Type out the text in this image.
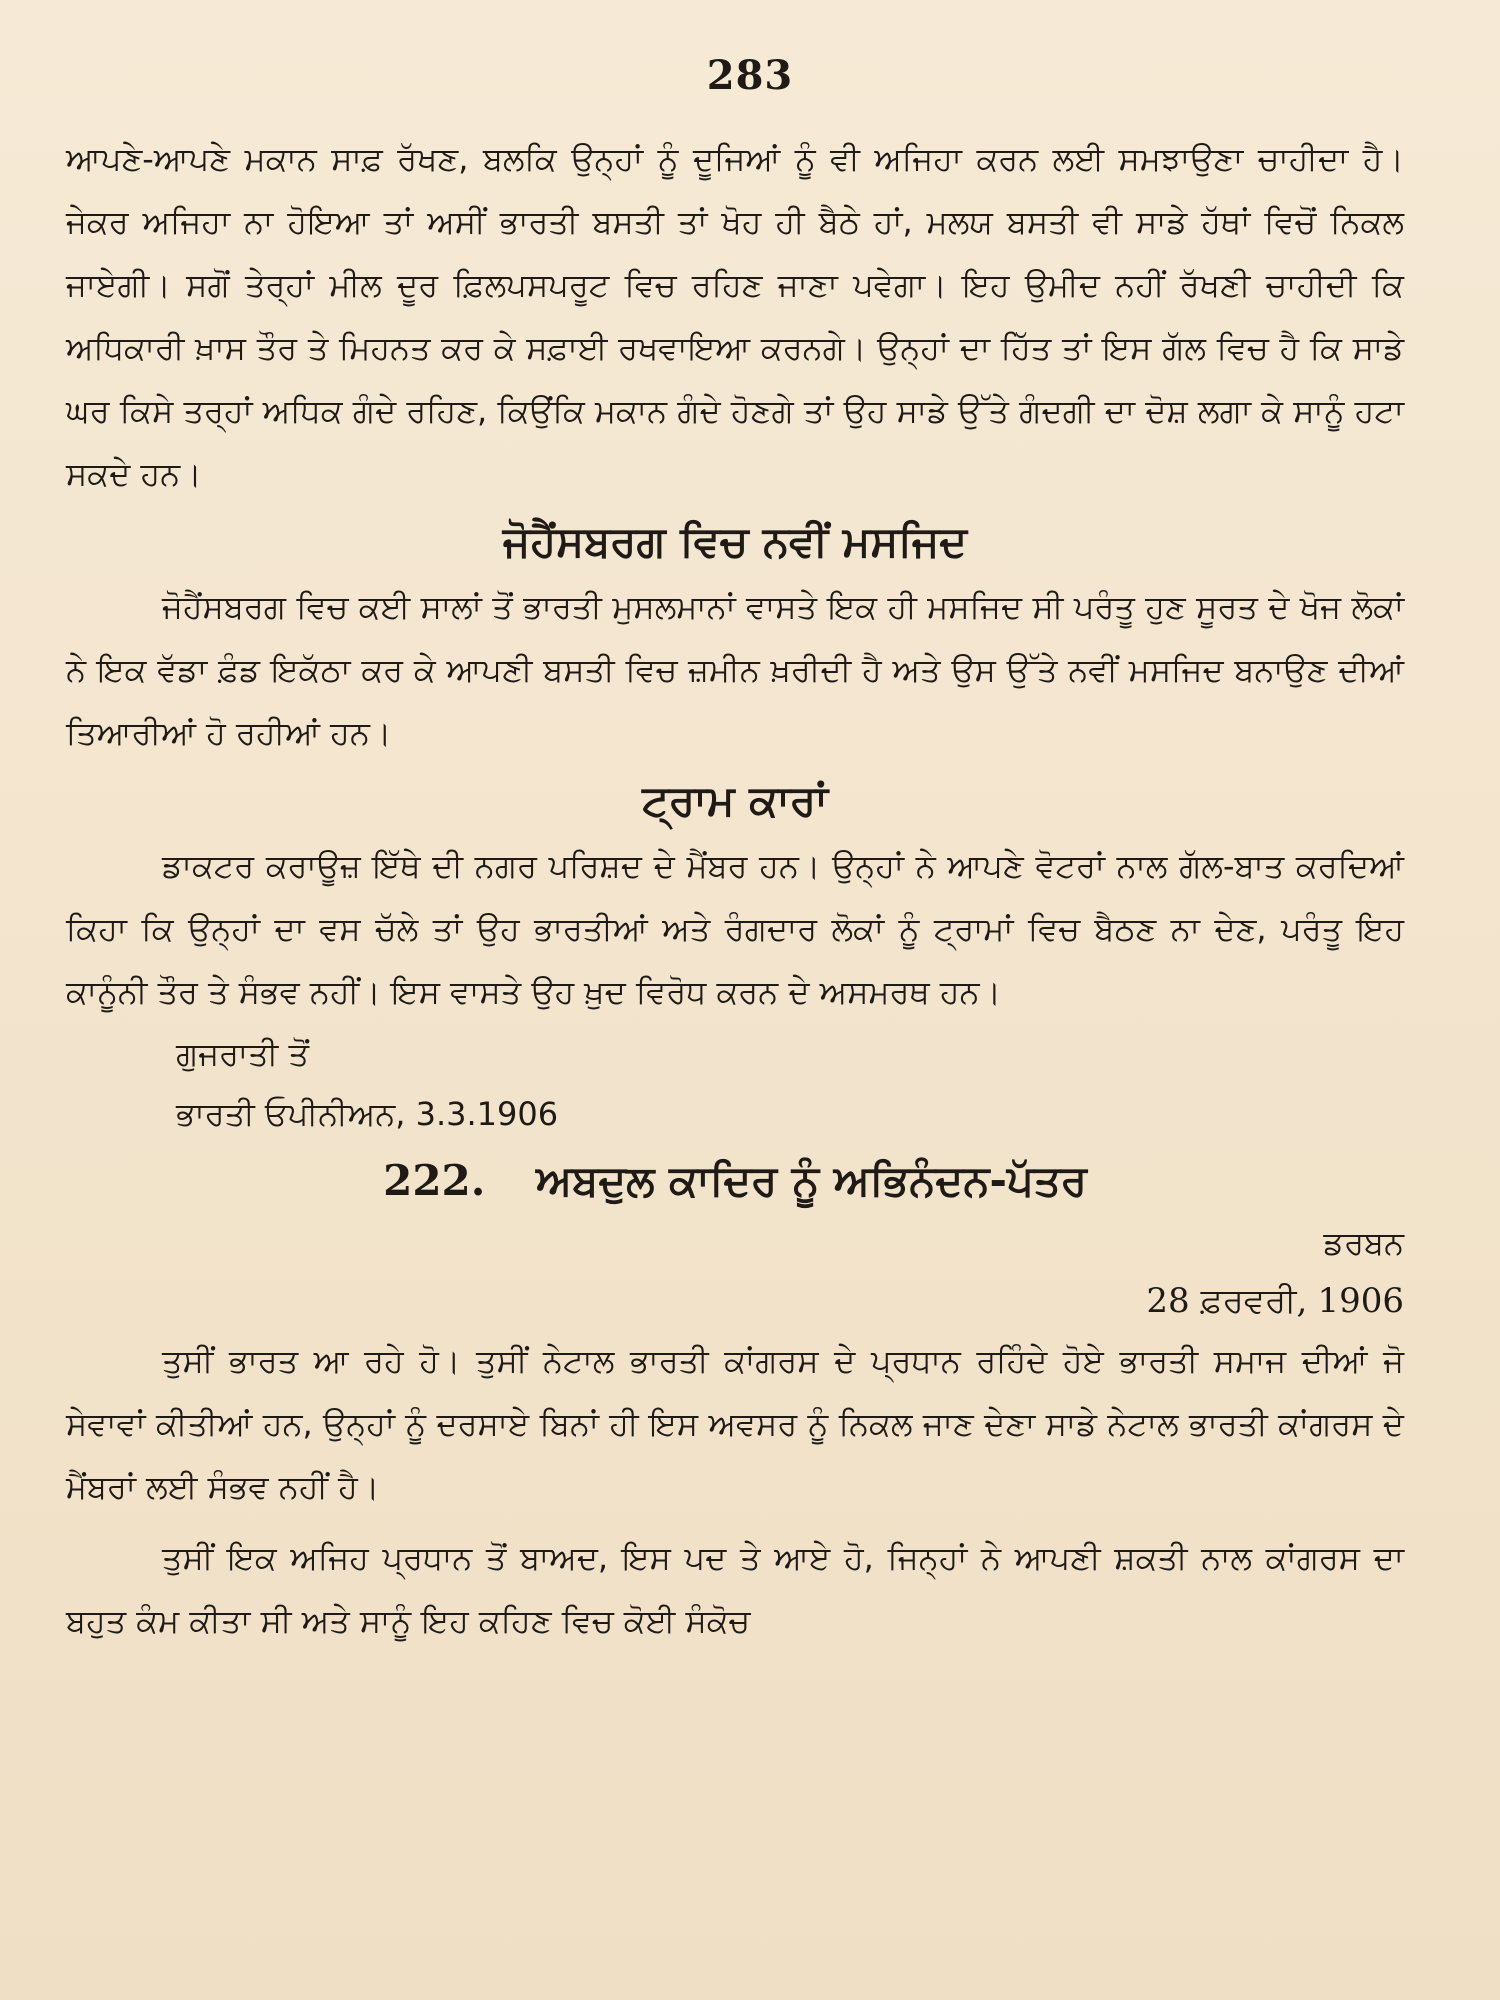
283

ਆਪਣੇ-ਆਪਣੇ ਮਕਾਨ ਸਾਫ਼ ਰੱਖਣ, ਬਲਕਿ ਉਨ੍ਹਾਂ ਨੂੰ ਦੂਜਿਆਂ ਨੂੰ ਵੀ ਅਜਿਹਾ ਕਰਨ ਲਈ ਸਮਝਾਉਣਾ ਚਾਹੀਦਾ ਹੈ। ਜੇਕਰ ਅਜਿਹਾ ਨਾ ਹੋਇਆ ਤਾਂ ਅਸੀਂ ਭਾਰਤੀ ਬਸਤੀ ਤਾਂ ਖੋਹ ਹੀ ਬੈਠੇ ਹਾਂ, ਮਲਯ ਬਸਤੀ ਵੀ ਸਾਡੇ ਹੱਥਾਂ ਵਿਚੋਂ ਨਿਕਲ ਜਾਏਗੀ। ਸਗੋਂ ਤੇਰ੍ਹਾਂ ਮੀਲ ਦੂਰ ਫ਼ਿਲਪਸਪਰੂਟ ਵਿਚ ਰਹਿਣ ਜਾਣਾ ਪਵੇਗਾ। ਇਹ ਉਮੀਦ ਨਹੀਂ ਰੱਖਣੀ ਚਾਹੀਦੀ ਕਿ ਅਧਿਕਾਰੀ ਖ਼ਾਸ ਤੌਰ ਤੇ ਮਿਹਨਤ ਕਰ ਕੇ ਸਫ਼ਾਈ ਰਖਵਾਇਆ ਕਰਨਗੇ। ਉਨ੍ਹਾਂ ਦਾ ਹਿੱਤ ਤਾਂ ਇਸ ਗੱਲ ਵਿਚ ਹੈ ਕਿ ਸਾਡੇ ਘਰ ਕਿਸੇ ਤਰ੍ਹਾਂ ਅਧਿਕ ਗੰਦੇ ਰਹਿਣ, ਕਿਉਂਕਿ ਮਕਾਨ ਗੰਦੇ ਹੋਣਗੇ ਤਾਂ ਉਹ ਸਾਡੇ ਉੱਤੇ ਗੰਦਗੀ ਦਾ ਦੋਸ਼ ਲਗਾ ਕੇ ਸਾਨੂੰ ਹਟਾ ਸਕਦੇ ਹਨ।

ਜੋਹੈਂਸਬਰਗ ਵਿਚ ਨਵੀਂ ਮਸਜਿਦ

ਜੋਹੈਂਸਬਰਗ ਵਿਚ ਕਈ ਸਾਲਾਂ ਤੋਂ ਭਾਰਤੀ ਮੁਸਲਮਾਨਾਂ ਵਾਸਤੇ ਇਕ ਹੀ ਮਸਜਿਦ ਸੀ ਪਰੰਤੂ ਹੁਣ ਸੂਰਤ ਦੇ ਖੋਜ ਲੋਕਾਂ ਨੇ ਇਕ ਵੱਡਾ ਫ਼ੰਡ ਇਕੱਠਾ ਕਰ ਕੇ ਆਪਣੀ ਬਸਤੀ ਵਿਚ ਜ਼ਮੀਨ ਖ਼ਰੀਦੀ ਹੈ ਅਤੇ ਉਸ ਉੱਤੇ ਨਵੀਂ ਮਸਜਿਦ ਬਨਾਉਣ ਦੀਆਂ ਤਿਆਰੀਆਂ ਹੋ ਰਹੀਆਂ ਹਨ।

ਟ੍ਰਾਮ ਕਾਰਾਂ

ਡਾਕਟਰ ਕਰਾਊਜ਼ ਇੱਥੇ ਦੀ ਨਗਰ ਪਰਿਸ਼ਦ ਦੇ ਮੈਂਬਰ ਹਨ। ਉਨ੍ਹਾਂ ਨੇ ਆਪਣੇ ਵੋਟਰਾਂ ਨਾਲ ਗੱਲ-ਬਾਤ ਕਰਦਿਆਂ ਕਿਹਾ ਕਿ ਉਨ੍ਹਾਂ ਦਾ ਵਸ ਚੱਲੇ ਤਾਂ ਉਹ ਭਾਰਤੀਆਂ ਅਤੇ ਰੰਗਦਾਰ ਲੋਕਾਂ ਨੂੰ ਟ੍ਰਾਮਾਂ ਵਿਚ ਬੈਠਣ ਨਾ ਦੇਣ, ਪਰੰਤੂ ਇਹ ਕਾਨੂੰਨੀ ਤੌਰ ਤੇ ਸੰਭਵ ਨਹੀਂ। ਇਸ ਵਾਸਤੇ ਉਹ ਖ਼ੁਦ ਵਿਰੋਧ ਕਰਨ ਦੇ ਅਸਮਰਥ ਹਨ।

ਗੁਜਰਾਤੀ ਤੋਂ
ਭਾਰਤੀ ਓਪੀਨੀਅਨ, 3.3.1906
222. ਅਬਦੁਲ ਕਾਦਿਰ ਨੂੰ ਅਭਿਨੰਦਨ-ਪੱਤਰ

ਡਰਬਨ

28 ਫ਼ਰਵਰੀ, 1906

ਤੁਸੀਂ ਭਾਰਤ ਆ ਰਹੇ ਹੋ। ਤੁਸੀਂ ਨੇਟਾਲ ਭਾਰਤੀ ਕਾਂਗਰਸ ਦੇ ਪ੍ਰਧਾਨ ਰਹਿੰਦੇ ਹੋਏ ਭਾਰਤੀ ਸਮਾਜ ਦੀਆਂ ਜੋ ਸੇਵਾਵਾਂ ਕੀਤੀਆਂ ਹਨ, ਉਨ੍ਹਾਂ ਨੂੰ ਦਰਸਾਏ ਬਿਨਾਂ ਹੀ ਇਸ ਅਵਸਰ ਨੂੰ ਨਿਕਲ ਜਾਣ ਦੇਣਾ ਸਾਡੇ ਨੇਟਾਲ ਭਾਰਤੀ ਕਾਂਗਰਸ ਦੇ ਮੈਂਬਰਾਂ ਲਈ ਸੰਭਵ ਨਹੀਂ ਹੈ।

ਤੁਸੀਂ ਇਕ ਅਜਿਹ ਪ੍ਰਧਾਨ ਤੋਂ ਬਾਅਦ, ਇਸ ਪਦ ਤੇ ਆਏ ਹੋ, ਜਿਨ੍ਹਾਂ ਨੇ ਆਪਣੀ ਸ਼ਕਤੀ ਨਾਲ ਕਾਂਗਰਸ ਦਾ ਬਹੁਤ ਕੰਮ ਕੀਤਾ ਸੀ ਅਤੇ ਸਾਨੂੰ ਇਹ ਕਹਿਣ ਵਿਚ ਕੋਈ ਸੰਕੋਚ
